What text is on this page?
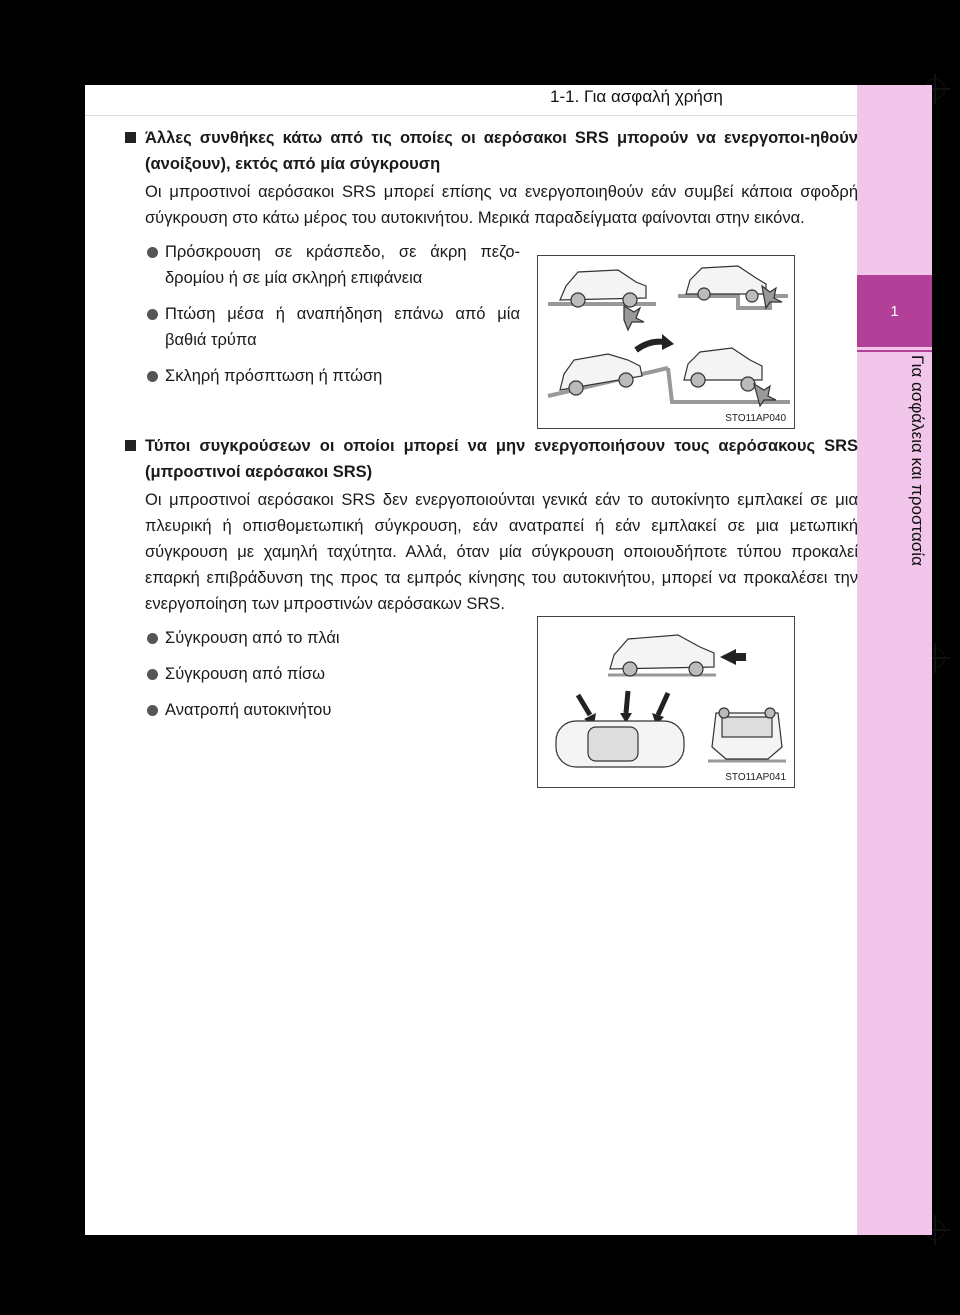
1-1. Για ασφαλή χρήση
1
Για ασφάλεια και προστασία
Άλλες συνθήκες κάτω από τις οποίες οι αερόσακοι SRS μπορούν να ενεργοποι-ηθούν (ανοίξουν), εκτός από μία σύγκρουση
Οι μπροστινοί αερόσακοι SRS μπορεί επίσης να ενεργοποιηθούν εάν συμβεί κάποια σφοδρή σύγκρουση στο κάτω μέρος του αυτοκινήτου. Μερικά παραδείγματα φαίνονται στην εικόνα.
Πρόσκρουση σε κράσπεδο, σε άκρη πεζο-δρομίου ή σε μία σκληρή επιφάνεια
Πτώση μέσα ή αναπήδηση επάνω από μία βαθιά τρύπα
Σκληρή πρόσπτωση ή πτώση
Τύποι συγκρούσεων οι οποίοι μπορεί να μην ενεργοποιήσουν τους αερόσακους SRS (μπροστινοί αερόσακοι SRS)
Οι μπροστινοί αερόσακοι SRS δεν ενεργοποιούνται γενικά εάν το αυτοκίνητο εμπλακεί σε μια πλευρική ή οπισθομετωπική σύγκρουση, εάν ανατραπεί ή εάν εμπλακεί σε μια μετωπική σύγκρουση με χαμηλή ταχύτητα. Αλλά, όταν μία σύγκρουση οποιουδήποτε τύπου προκαλεί επαρκή επιβράδυνση της προς τα εμπρός κίνησης του αυτοκινήτου, μπορεί να προκαλέσει την ενεργοποίηση των μπροστινών αερόσακων SRS.
Σύγκρουση από το πλάι
Σύγκρουση από πίσω
Ανατροπή αυτοκινήτου
STO11AP040
STO11AP041
